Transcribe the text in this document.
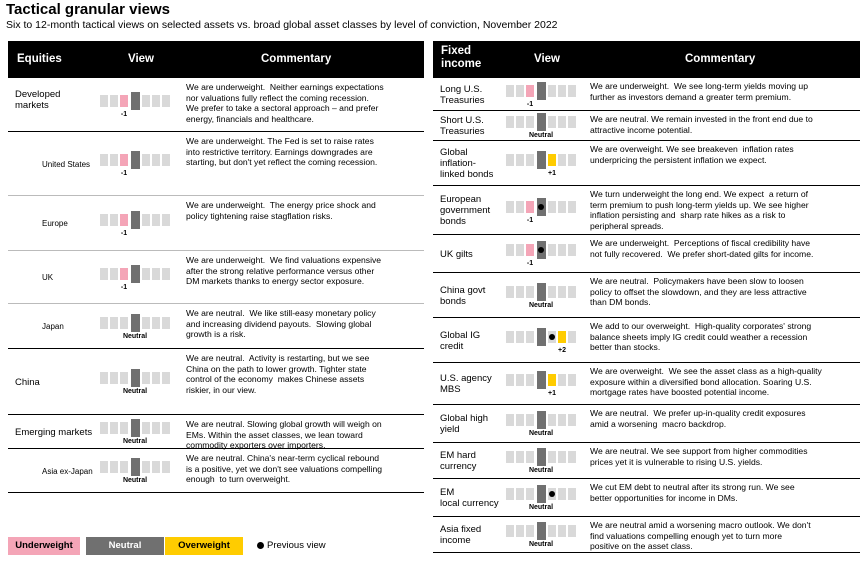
Tactical granular views
Six to 12-month tactical views on selected assets vs. broad global asset classes by level of conviction, November 2022
Equities	View	Commentary
Developed
markets
-1
We are underweight.  Neither earnings expectations
nor valuations fully reflect the coming recession.
We prefer to take a sectoral approach – and prefer
energy, financials and healthcare.
United States
-1
We are underweight. The Fed is set to raise rates
into restrictive territory. Earnings downgrades are
starting, but don't yet reflect the coming recession.
Europe
-1
We are underweight.  The energy price shock and
policy tightening raise stagflation risks.
UK
-1
We are underweight.  We find valuations expensive
after the strong relative performance versus other
DM markets thanks to energy sector exposure.
Japan
Neutral
We are neutral.  We like still-easy monetary policy
and increasing dividend payouts.  Slowing global
growth is a risk.
China
Neutral
We are neutral.  Activity is restarting, but we see
China on the path to lower growth. Tighter state
control of the economy  makes Chinese assets
riskier, in our view.
Emerging markets
Neutral
We are neutral. Slowing global growth will weigh on
EMs. Within the asset classes, we lean toward
commodity exporters over importers.
Asia ex-Japan
Neutral
We are neutral. China's near-term cyclical rebound
is a positive, yet we don't see valuations compelling
enough  to turn overweight.
Fixed
income	View	Commentary
Long U.S.
Treasuries	-1
We are underweight.  We see long-term yields moving up
further as investors demand a greater term premium.
Short U.S.
Treasuries	Neutral
We are neutral. We remain invested in the front end due to
attractive income potential.
Global
inflation-
linked bonds	+1
We are overweight. We see breakeven  inflation rates
underpricing the persistent inflation we expect.
European
government
bonds	-1
We turn underweight the long end. We expect  a return of
term premium to push long-term yields up. We see higher
inflation persisting and  sharp rate hikes as a risk to
peripheral spreads.
UK gilts
-1
We are underweight.  Perceptions of fiscal credibility have
not fully recovered.  We prefer short-dated gilts for income.
China govt
bonds	Neutral
We are neutral.  Policymakers have been slow to loosen
policy to offset the slowdown, and they are less attractive
than DM bonds.
Global IG
credit	+2
We add to our overweight.  High-quality corporates' strong
balance sheets imply IG credit could weather a recession
better than stocks.
U.S. agency
MBS	+1
We are overweight.  We see the asset class as a high-quality
exposure within a diversified bond allocation. Soaring U.S.
mortgage rates have boosted potential income.
Global high
yield	Neutral
We are neutral.  We prefer up-in-quality credit exposures
amid a worsening  macro backdrop.
EM hard
currency	Neutral
We are neutral. We see support from higher commodities
prices yet it is vulnerable to rising U.S. yields.
EM
local currency	Neutral
We cut EM debt to neutral after its strong run. We see
better opportunities for income in DMs.
Asia fixed
income	Neutral
We are neutral amid a worsening macro outlook. We don't
find valuations compelling enough yet to turn more
positive on the asset class.
Underweight	Neutral	Overweight	Previous view
